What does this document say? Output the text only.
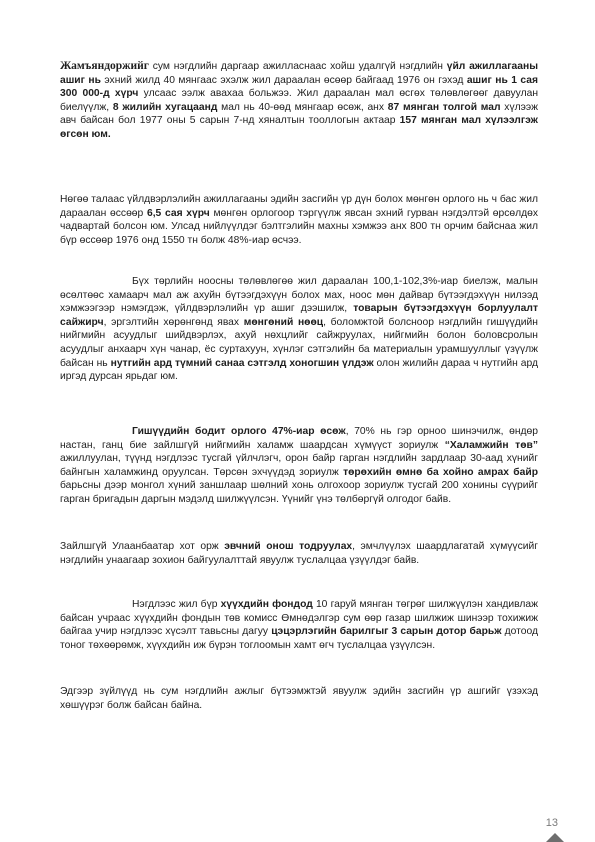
Жамъяндоржийг сум нэгдлийн даргаар ажилласнаас хойш удалгүй нэгдлийн үйл ажиллагааны ашиг нь эхний жилд 40 мянгаас эхэлж жил дараалан өсөөр байгаад 1976 он гэхэд ашиг нь 1 сая 300 000-д хүрч улсаас ээлж авахаа больжээ. Жил дараалан мал өсгөх төлөвлөгөөг давуулан биелүүлж, 8 жилийн хугацаанд мал нь 40-өөд мянгаар өсөж, анх 87 мянган толгой мал хүлээж авч байсан бол 1977 оны 5 сарын 7-нд хяналтын тооллогын актаар 157 мянган мал хүлээлгэж өгсөн юм.
Нөгөө талаас үйлдвэрлэлийн ажиллагааны эдийн засгийн үр дүн болох мөнгөн орлого нь ч бас жил дараалан өссөөр 6,5 сая хүрч мөнгөн орлогоор тэргүүлж явсан эхний гурван нэгдэлтэй өрсөлдөх чадвартай болсон юм. Улсад нийлүүлдэг бэлтгэлийн махны хэмжээ анх 800 тн орчим байснаа жил бүр өссөөр 1976 онд 1550 тн болж 48%-иар өсчээ.
Бүх төрлийн ноосны төлөвлөгөө жил дараалан 100,1-102,3%-иар биелэж, малын өсөлтөөс хамаарч мал аж ахуйн бүтээгдэхүүн болох мах, ноос мөн дайвар бүтээгдэхүүн нилээд хэмжээгээр нэмэгдэж, үйлдвэрлэлийн үр ашиг дээшилж, товарын бүтээгдэхүүн борлуулалт сайжирч, эргэлтийн хөрөнгөнд явах мөнгөний нөөц, боломжтой болсноор нэгдлийн гишүүдийн нийгмийн асуудлыг шийдвэрлэх, ахуй нөхцлийг сайжруулах, нийгмийн болон боловсролын асуудлыг анхаарч хүн чанар, ёс суртахуун, хүнлэг сэтгэлийн ба материалын урамшууллыг үзүүлж байсан нь нутгийн ард түмний санаа сэтгэлд хоногшин үлдэж олон жилийн дараа ч нутгийн ард иргэд дурсан ярьдаг юм.
Гишүүдийн бодит орлого 47%-иар өсөж, 70% нь гэр орноо шинэчилж, өндөр настан, ганц бие зайлшгүй нийгмийн халамж шаардсан хүмүүст зориулж “Халамжийн төв” ажиллуулан, түүнд нэгдлээс тусгай үйлчлэгч, орон байр гарган нэгдлийн зардлаар 30-аад хүнийг байнгын халамжинд оруулсан. Төрсөн эхчүүдэд зориулж төрөхийн өмнө ба хойно амрах байр барьсны дээр монгол хүний заншлаар шөлний хонь олгохоор зориулж тусгай 200 хонины сүүрийг гарган бригадын даргын мэдэлд шилжүүлсэн. Үүнийг үнэ төлбөргүй олгодог байв.
Зайлшгүй Улаанбаатар хот орж эвчний онош тодруулах, эмчлүүлэх шаардлагатай хүмүүсийг нэгдлийн унаагаар зохион байгуулалттай явуулж туслалцаа үзүүлдэг байв.
Нэгдлээс жил бүр хүүхдийн фондод 10 гаруй мянган төгрөг шилжүүлэн хандивлаж байсан учраас хүүхдийн фондын төв комисс Өмнөдэлгэр сум өөр газар шилжиж шинээр тохижиж байгаа учир нэгдлээс хүсэлт тавьсны дагуу цэцэрлэгийн барилгыг 3 сарын дотор барьж дотоод тоног төхөөрөмж, хүүхдийн иж бүрэн тоглоомын хамт өгч туслалцаа үзүүлсэн.
Эдгээр зүйлүүд нь сум нэгдлийн ажлыг бүтээмжтэй явуулж эдийн засгийн үр ашгийг үзэхэд хөшүүрэг болж байсан байна.
13
